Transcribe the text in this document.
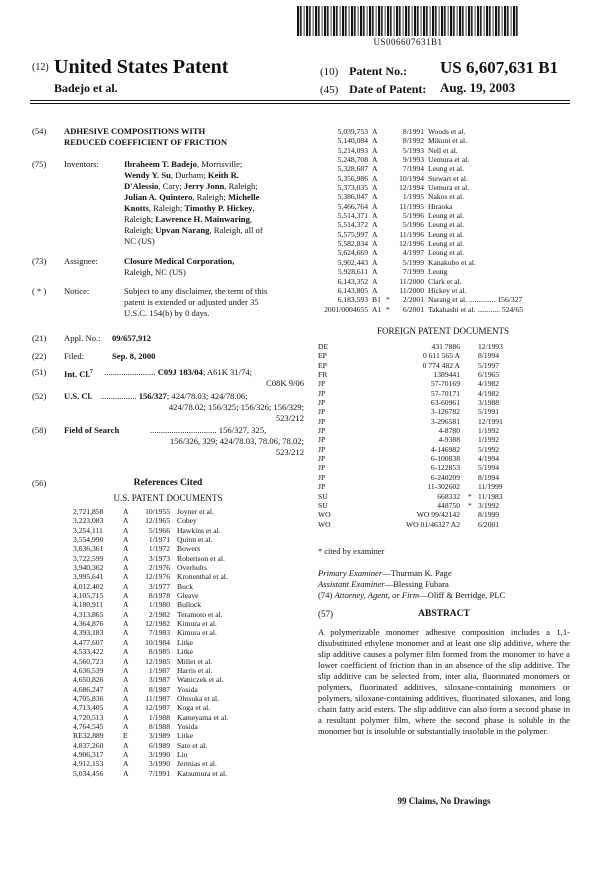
US006607631B1
(12) United States Patent
Badejo et al.
(10) Patent No.: US 6,607,631 B1
(45) Date of Patent: Aug. 19, 2003
(54) ADHESIVE COMPOSITIONS WITH
REDUCED COEFFICIENT OF FRICTION
(75) Inventors:	Ibraheem T. Badejo, Morrisville;
Wendy Y. Su, Durham; Keith R.
D'Alessio, Cary; Jerry Jonn, Raleigh;
Julian A. Quintero, Raleigh; Michelle
Knotts, Raleigh; Timothy P. Hickey,
Raleigh; Lawrence H. Mainwaring,
Raleigh; Upvan Narang, Raleigh, all of
NC (US)
(73) Assignee:	Closure Medical Corporation,
Raleigh, NC (US)
( * ) Notice:	Subject to any disclaimer, the term of this
patent is extended or adjusted under 35
U.S.C. 154(b) by 0 days.
(21) Appl. No.: 09/657,912
(22) Filed:	Sep. 8, 2000
(51) Int. Cl.$^7$ ........................ C09J 183/04; A61K 31/74;
C08K 9/06
(52) U.S. Cl. ................. 156/327; 424/78.03; 424/78.06;
424/78.02; 156/325; 156/326; 156/329;
523/212
(58) Field of Search	............................... 156/327, 325,
156/326, 329; 424/78.03, 78.06, 78.02;
523/212
(56)	References Cited
U.S. PATENT DOCUMENTS
2,721,858	A 10/1955 Joyner et al.
3,223,083	A 12/1965 Cobey
3,254,111	A	5/1966 Hawkins et al.
3,554,990	A	1/1971 Quinn et al.
3,636,361	A	1/1972 Bowers
3,722,599	A	3/1973 Robertson et al.
3,940,362	A	2/1976 Overhults
3,995,641	A 12/1976 Kronenthal et al.
4,012,402	A	3/1977 Buck
4,105,715	A	8/1978 Gleave
4,180,911	A	1/1980 Bullock
4,313,865	A	2/1982 Teramoto et al.
4,364,876	A 12/1982 Kimura et al.
4,393,183	A	7/1983 Kimura et al.
4,477,607	A 10/1984 Litke
4,533,422	A	8/1985 Litke
4,560,723	A 12/1985 Millet et al.
4,636,539	A	1/1987 Harris et al.
4,650,826	A	3/1987 Waniczek et al.
4,686,247	A	8/1987 Yosida
4,705,836	A 11/1987 Ohtsuka et al.
4,713,405	A 12/1987 Koga et al.
4,720,513	A	1/1988 Kameyama et al.
4,764,545	A	8/1988 Yosida
RE32,889	E	3/1989 Litke
4,837,260	A	6/1989 Sato et al.
4,906,317	A	3/1990 Liu
4,912,153	A	3/1990 Jermias et al.
5,034,456	A	7/1991 Katsumura et al.
5,039,753 A	8/1991 Woods et al.
5,140,084 A	8/1992 Mikuni et al.
5,214,093 A	5/1993 Nell et al.
5,248,708 A	9/1993 Uemura et al.
5,328,687 A	7/1994 Leung et al.
5,356,986 A	10/1994 Stewart et al.
5,373,035 A	12/1994 Uemura et al.
5,386,047 A	1/1995 Nakos et al.
5,466,764 A	11/1995 Hiraoka
5,514,371 A	5/1996 Leung et al.
5,514,372 A	5/1996 Leung et al.
5,575,997 A	11/1996 Leung et al.
5,582,834 A	12/1996 Leung et al.
5,624,669 A	4/1997 Leung et al.
5,902,443 A	5/1999 Kanakubo et al.
5,928,611 A	7/1999 Leung
6,143,352 A	11/2000 Clark et al.
6,143,805 A	11/2000 Hickey et al.
6,183,593 B1 * 2/2001 Narang et al. .............. 156/327
2001/0004655 A1 * 6/2001 Takahashi et al. ............ 524/65
FOREIGN PATENT DOCUMENTS
DE	431 7886 12/1993
EP	0 611 565 A 8/1994
EP	0 774 482 A 5/1997
FR	1389441 6/1965
JP	57-70169 4/1982
JP	57-70171 4/1982
JP	63-60961 3/1988
JP	3-126782 5/1991
JP	3-296581 12/1991
JP	4-8780 1/1992
JP	4-9388 1/1992
JP	4-146982 5/1992
JP	6-100838 4/1994
JP	6-122853 5/1994
JP	6-240209 8/1994
JP	11-302602 11/1999
SU	668332 * 11/1983
SU	448750 * 3/1992
WO	WO 99/42142 8/1999
WO	WO 01/46327 A2 6/2001
* cited by examiner
Primary Examiner—Thurman K. Page
Assistant Examiner—Blessing Fubara
(74) Attorney, Agent, or Firm—Oliff & Berridge, PLC
(57)	ABSTRACT
A polymerizable monomer adhesive composition includes a 1,1-disubstituted ethylene monomer and at least one slip additive, where the slip additive causes a polymer film formed from the monomer to have a lower coefficient of friction than in an absence of the slip additive. The slip additive can be selected from, inter alia, fluorinated monomers or polymers, fluorinated additives, siloxane-containing monomers or polymers, siloxane-containing additives, fluorinated siloxanes, and long chain fatty acid esters. The slip additive can also form a second phase in a resultant polymer film, where the second phase is soluble in the monomer but is insoluble or substantially insoluble in the polymer.
99 Claims, No Drawings
